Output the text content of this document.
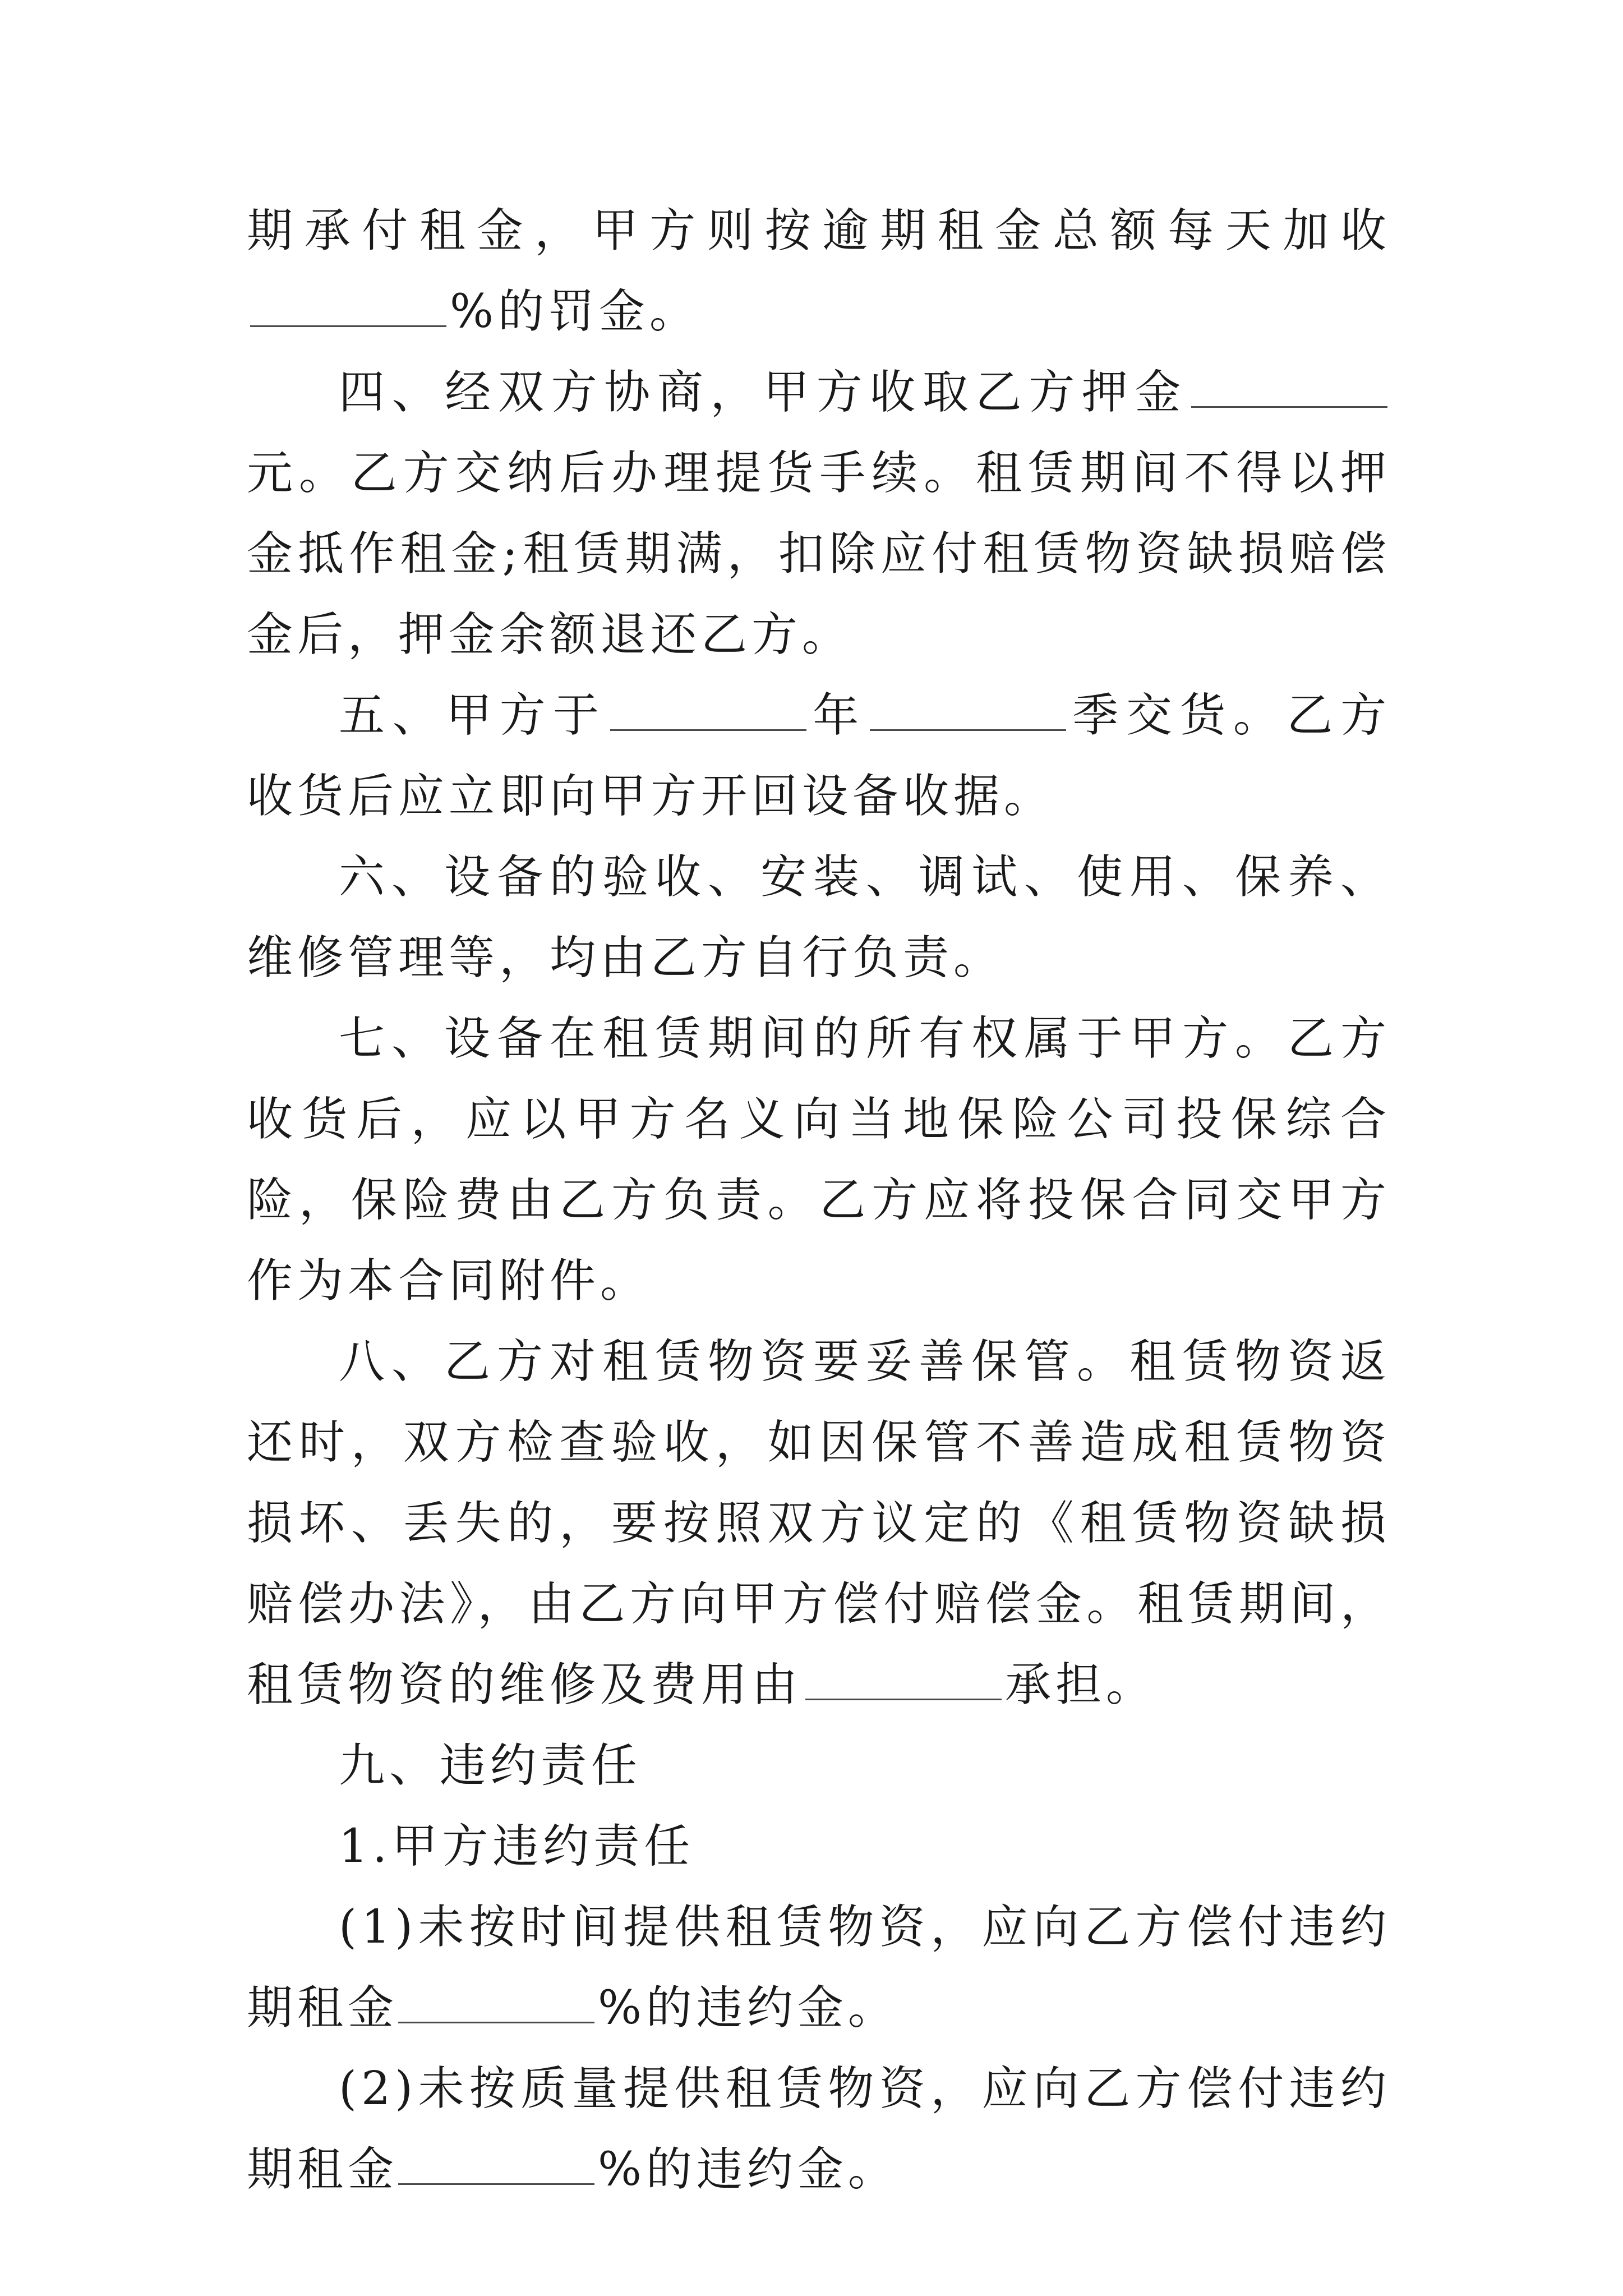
期承付租金，甲方则按逾期租金总额每天加收%的罚金。

四、经双方协商，甲方收取乙方押金元。乙方交纳后办理提货手续。租赁期间不得以押金抵作租金;租赁期满，扣除应付租赁物资缺损赔偿金后，押金余额退还乙方。

五、甲方于	年	季交货。乙方收货后应立即向甲方开回设备收据。

六、设备的验收、安装、调试、使用、保养、维修管理等，均由乙方自行负责。

七、设备在租赁期间的所有权属于甲方。乙方收货后，应以甲方名义向当地保险公司投保综合险，保险费由乙方负责。乙方应将投保合同交甲方作为本合同附件。

八、乙方对租赁物资要妥善保管。租赁物资返还时，双方检查验收，如因保管不善造成租赁物资损坏、丢失的，要按照双方议定的《租赁物资缺损赔偿办法》，由乙方向甲方偿付赔偿金。租赁期间，租赁物资的维修及费用由	承担。

九、违约责任

1.甲方违约责任

(1)未按时间提供租赁物资，应向乙方偿付违约期租金	%的违约金。

(2)未按质量提供租赁物资，应向乙方偿付违约期租金	%的违约金。
